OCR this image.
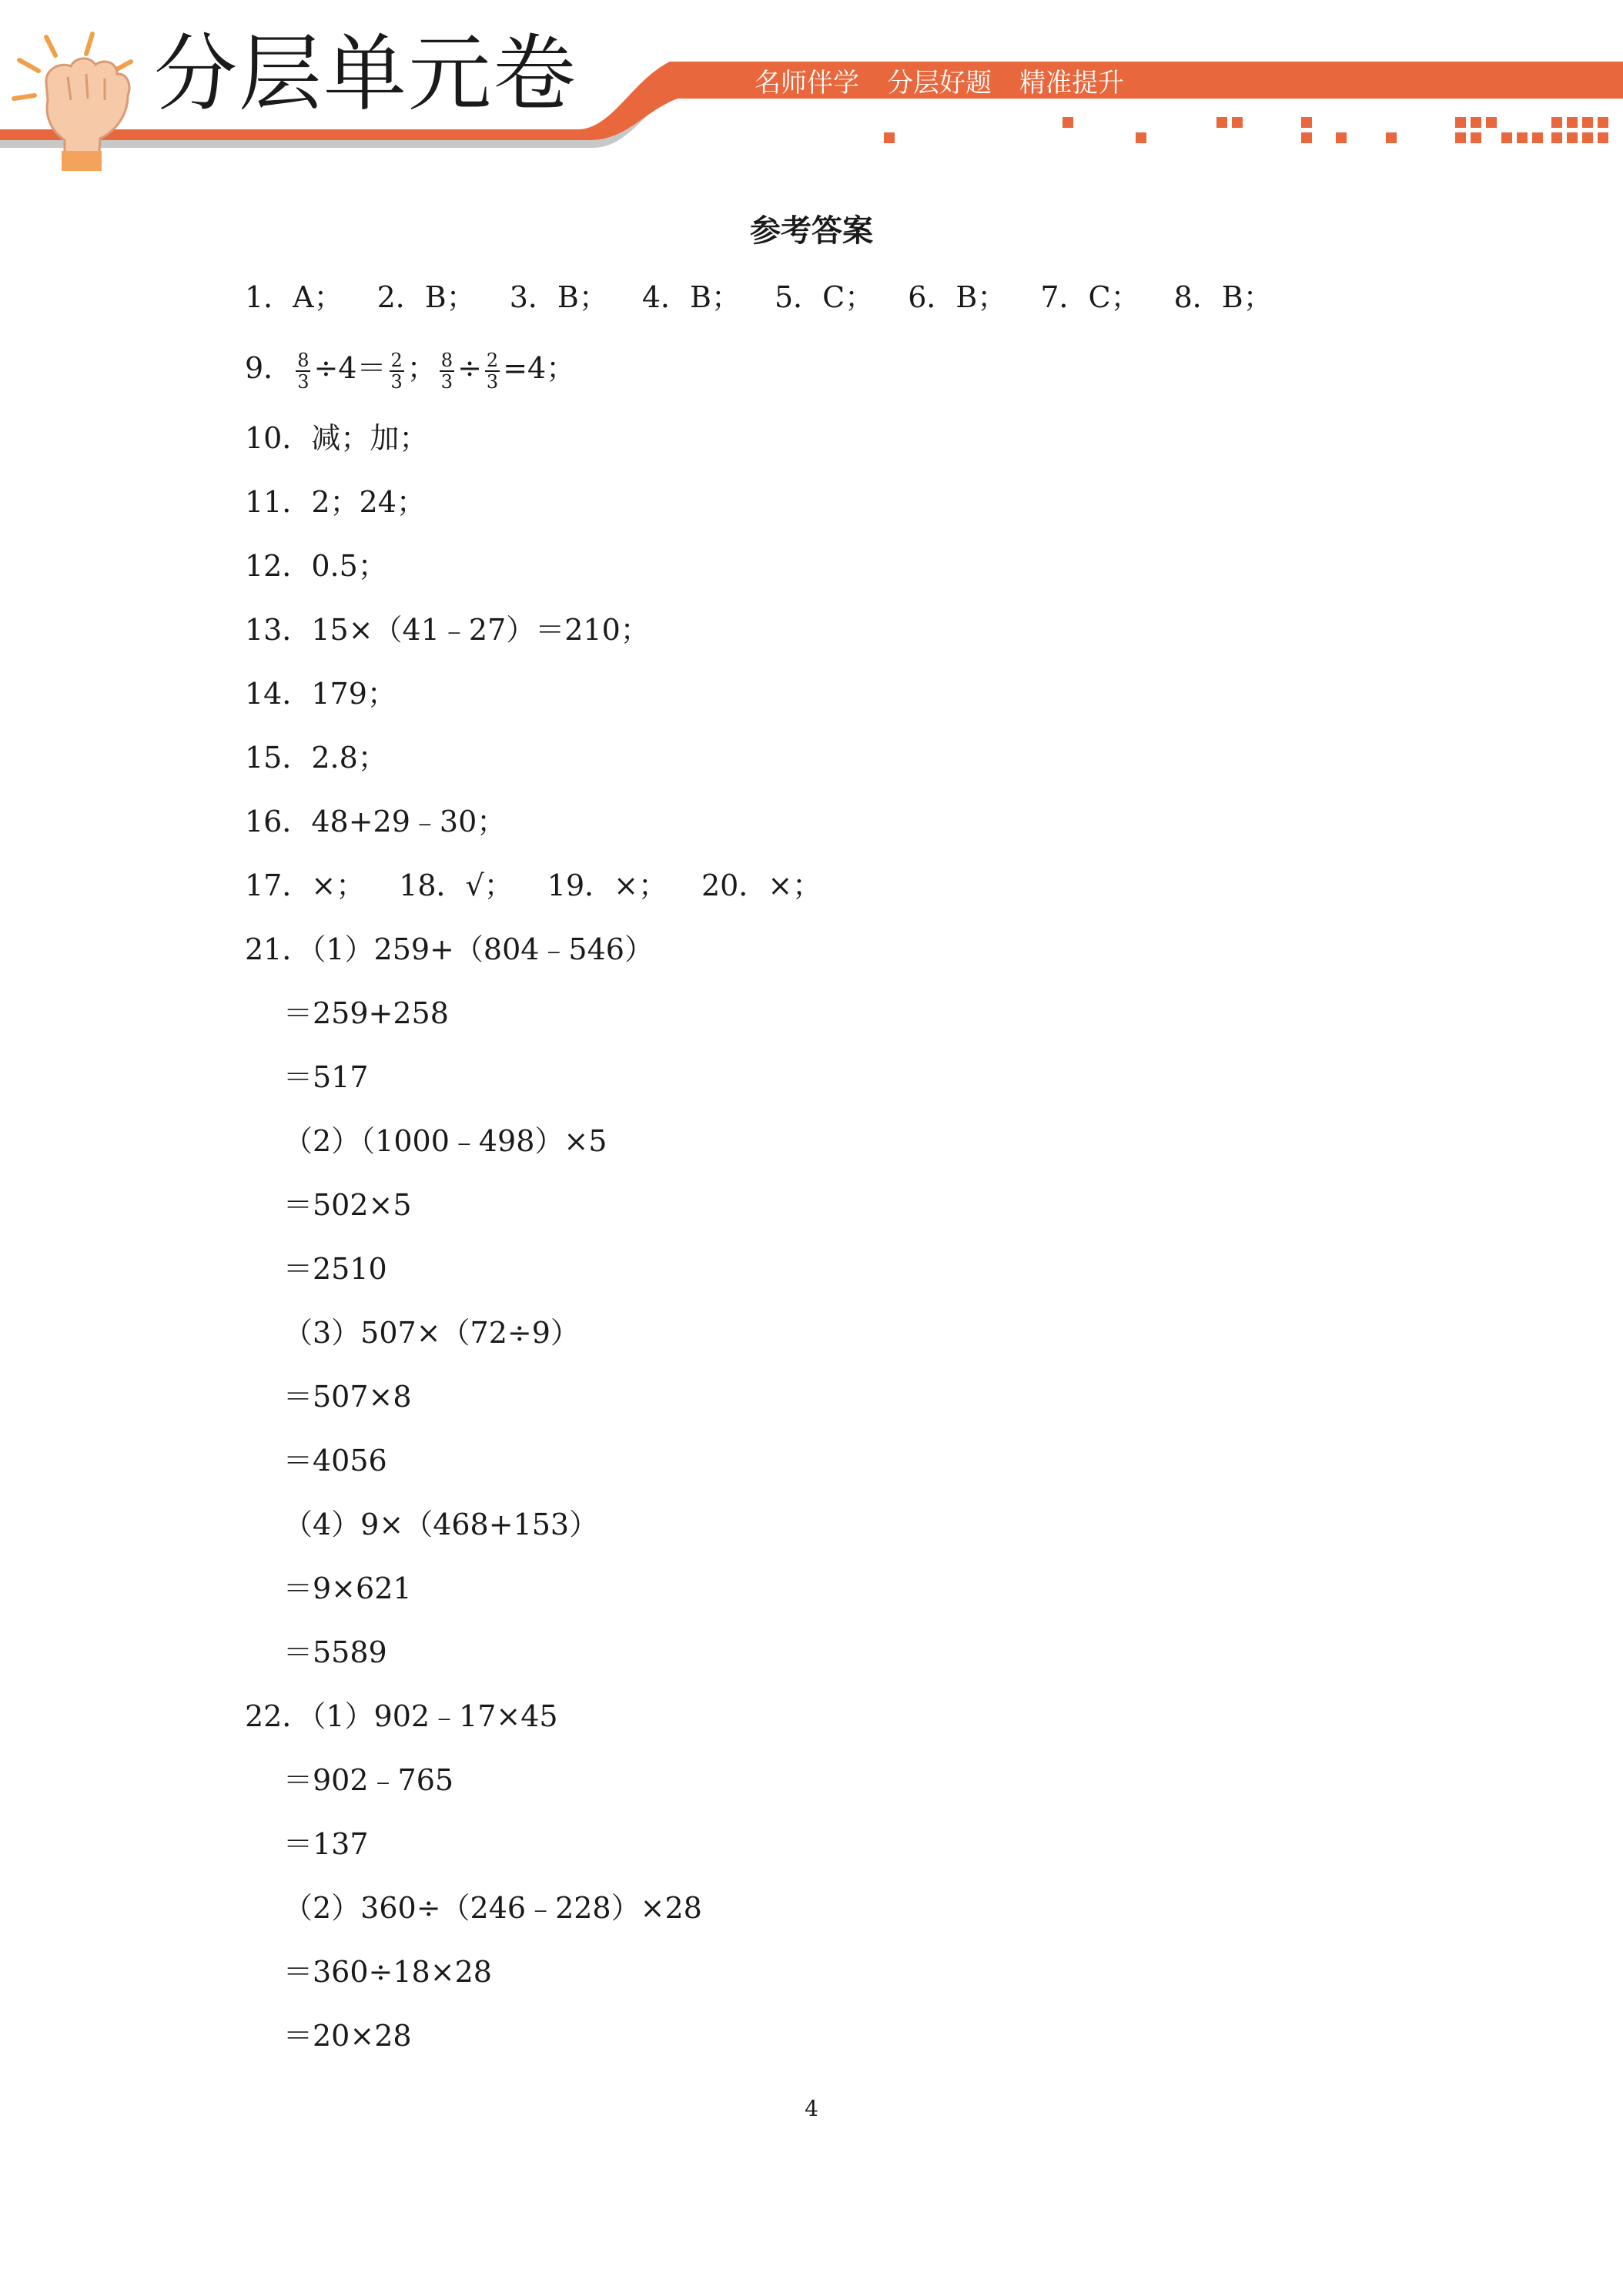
分层单元卷	名师伴学 分层好题 精准提升
参考答案
1．A； 2．B； 3．B； 4．B； 5．C； 6．B； 7．C； 8．B；
9． $\frac{8}{3} \div 4= \frac{2}{3}$ ； $\frac{8}{3} \div \frac{2}{3} =4$；
10．减；加；
11．2；24；
12．0.5；
13．15×（41﹣27）＝210；
14．179；
15．2.8；
16．48+29﹣30；
17．×； 18．√； 19．×； 20．×；
21．（1）259+（804﹣546）
＝259+258
＝517
（2）（1000﹣498）×5
＝502×5
＝2510
（3）507×（72÷9）
＝507×8
＝4056
（4）9×（468+153）
＝9×621
＝5589
22．（1）902﹣17×45
＝902﹣765
＝137
（2）360÷（246﹣228）×28
＝360÷18×28
＝20×28
4
